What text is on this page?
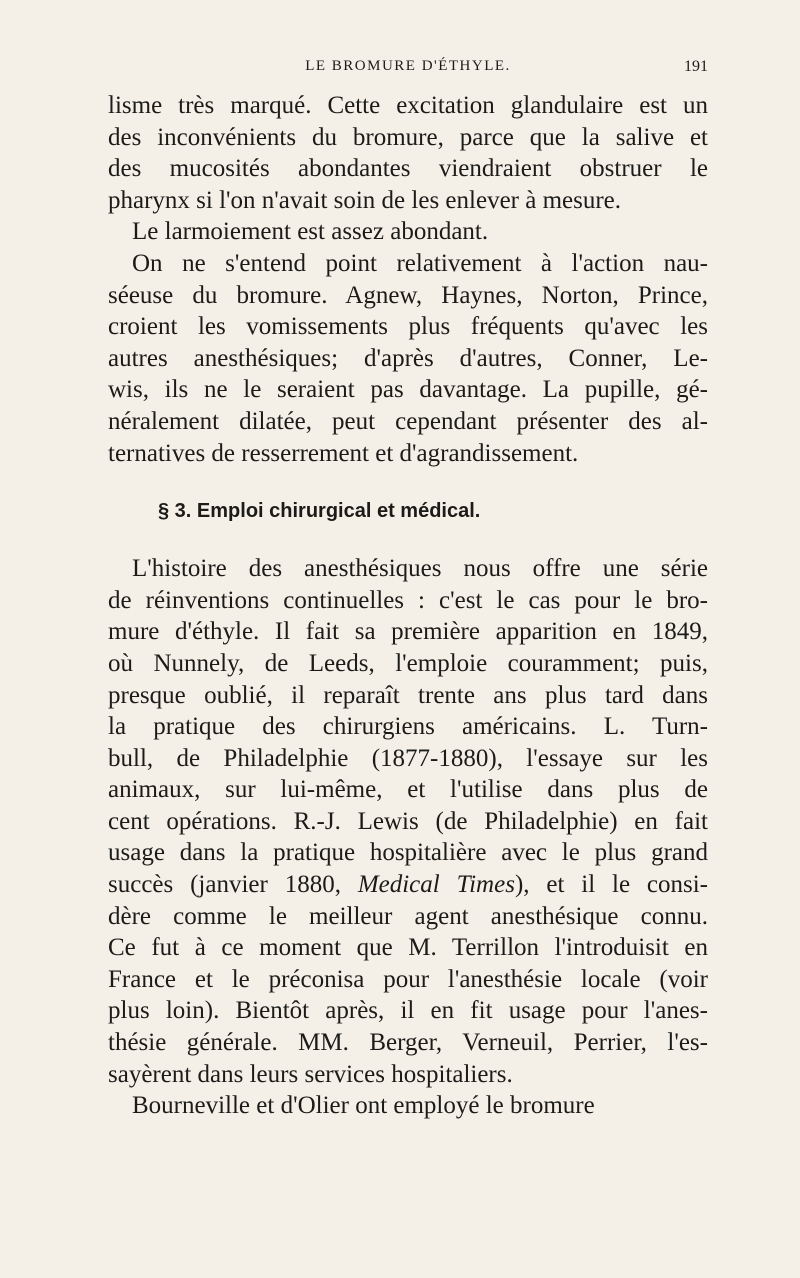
LE BROMURE D'ÉTHYLE.	191
lisme très marqué. Cette excitation glandulaire est un
des inconvénients du bromure, parce que la salive et
des mucosités abondantes viendraient obstruer le
pharynx si l'on n'avait soin de les enlever à mesure.
Le larmoiement est assez abondant.
On ne s'entend point relativement à l'action nau-
séeuse du bromure. Agnew, Haynes, Norton, Prince,
croient les vomissements plus fréquents qu'avec les
autres anesthésiques; d'après d'autres, Conner, Le-
wis, ils ne le seraient pas davantage. La pupille, gé-
néralement dilatée, peut cependant présenter des al-
ternatives de resserrement et d'agrandissement.
§ 3. Emploi chirurgical et médical.
L'histoire des anesthésiques nous offre une série
de réinventions continuelles : c'est le cas pour le bro-
mure d'éthyle. Il fait sa première apparition en 1849,
où Nunnely, de Leeds, l'emploie couramment; puis,
presque oublié, il reparaît trente ans plus tard dans
la pratique des chirurgiens américains. L. Turn-
bull, de Philadelphie (1877-1880), l'essaye sur les
animaux, sur lui-même, et l'utilise dans plus de
cent opérations. R.-J. Lewis (de Philadelphie) en fait
usage dans la pratique hospitalière avec le plus grand
succès (janvier 1880, Medical Times), et il le consi-
dère comme le meilleur agent anesthésique connu.
Ce fut à ce moment que M. Terrillon l'introduisit en
France et le préconisa pour l'anesthésie locale (voir
plus loin). Bientôt après, il en fit usage pour l'anes-
thésie générale. MM. Berger, Verneuil, Perrier, l'es-
sayèrent dans leurs services hospitaliers.
Bourneville et d'Olier ont employé le bromure
